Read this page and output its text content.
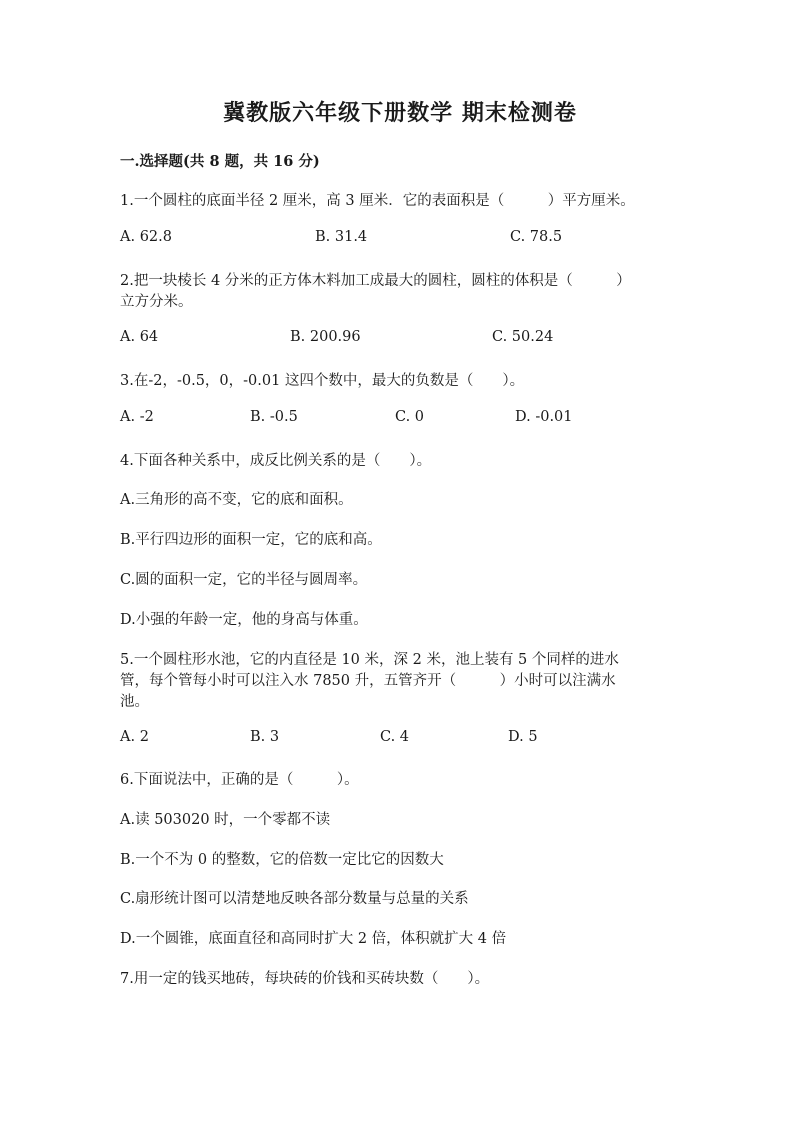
冀教版六年级下册数学 期末检测卷
一.选择题(共 8 题，共 16 分)
1.一个圆柱的底面半径 2 厘米，高 3 厘米．它的表面积是（　　　）平方厘米。
A. 62.8	B. 31.4	C. 78.5
2.把一块棱长 4 分米的正方体木料加工成最大的圆柱，圆柱的体积是（　　　）
立方分米。
A. 64	B. 200.96	C. 50.24
3.在-2，-0.5，0，-0.01 这四个数中，最大的负数是（　　）。
A. -2	B. -0.5	C. 0	D. -0.01
4.下面各种关系中，成反比例关系的是（　　）。
A.三角形的高不变，它的底和面积。
B.平行四边形的面积一定，它的底和高。
C.圆的面积一定，它的半径与圆周率。
D.小强的年龄一定，他的身高与体重。
5.一个圆柱形水池，它的内直径是 10 米，深 2 米，池上装有 5 个同样的进水
管，每个管每小时可以注入水 7850 升，五管齐开（　　　）小时可以注满水
池。
A. 2	B. 3	C. 4	D. 5
6.下面说法中，正确的是（　　　）。
A.读 503020 时，一个零都不读
B.一个不为 0 的整数，它的倍数一定比它的因数大
C.扇形统计图可以清楚地反映各部分数量与总量的关系
D.一个圆锥，底面直径和高同时扩大 2 倍，体积就扩大 4 倍
7.用一定的钱买地砖，每块砖的价钱和买砖块数（　　）。
